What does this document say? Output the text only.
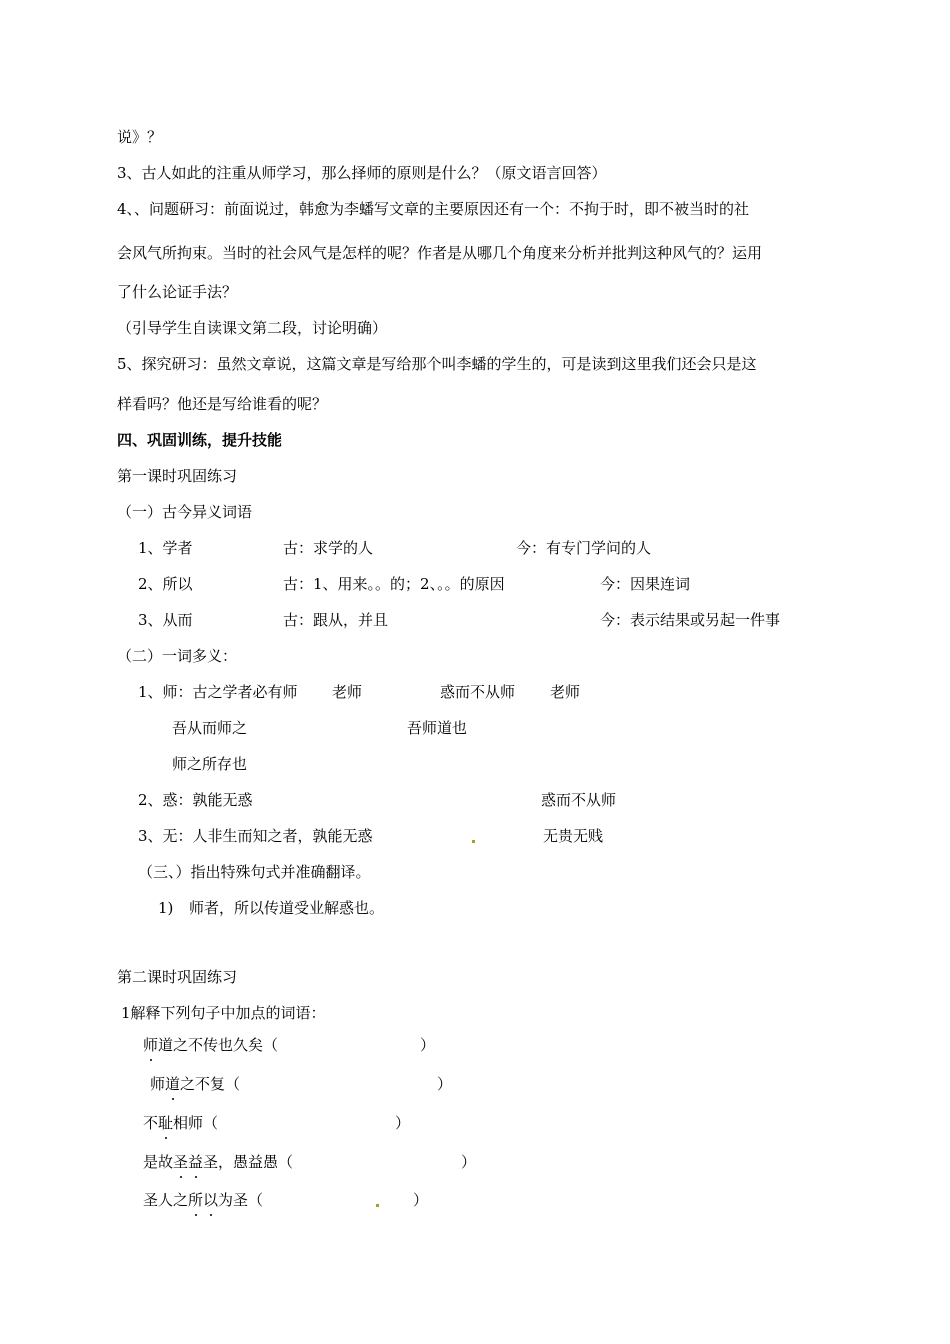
说》？
3、古人如此的注重从师学习，那么择师的原则是什么？（原文语言回答）
4、、问题研习：前面说过，韩愈为李蟠写文章的主要原因还有一个：不拘于时，即不被当时的社
会风气所拘束。当时的社会风气是怎样的呢？作者是从哪几个角度来分析并批判这种风气的？运用
了什么论证手法？
（引导学生自读课文第二段，讨论明确）
5、探究研习：虽然文章说，这篇文章是写给那个叫李蟠的学生的，可是读到这里我们还会只是这
样看吗？他还是写给谁看的呢？
四、巩固训练，提升技能
第一课时巩固练习
（一）古今异义词语
1、学者	古：求学的人	今：有专门学问的人
2、所以	古：1、用来。。的；2、。。的原因	今：因果连词
3、从而	古：跟从，并且	今：表示结果或另起一件事
（二）一词多义：
1、师：古之学者必有师 老师	惑而不从师 老师
吾从而师之	吾师道也
师之所存也
2、惑：孰能无惑	惑而不从师
3、无：人非生而知之者，孰能无惑	无贵无贱
（三、）指出特殊句式并准确翻译。
1) 师者，所以传道受业解惑也。
第二课时巩固练习
1解释下列句子中加点的词语：
师道之不传也久矣（	）
师道之不复（	）
不耻相师（	）
是故圣益圣，愚益愚（	）
圣人之所以为圣（	）
